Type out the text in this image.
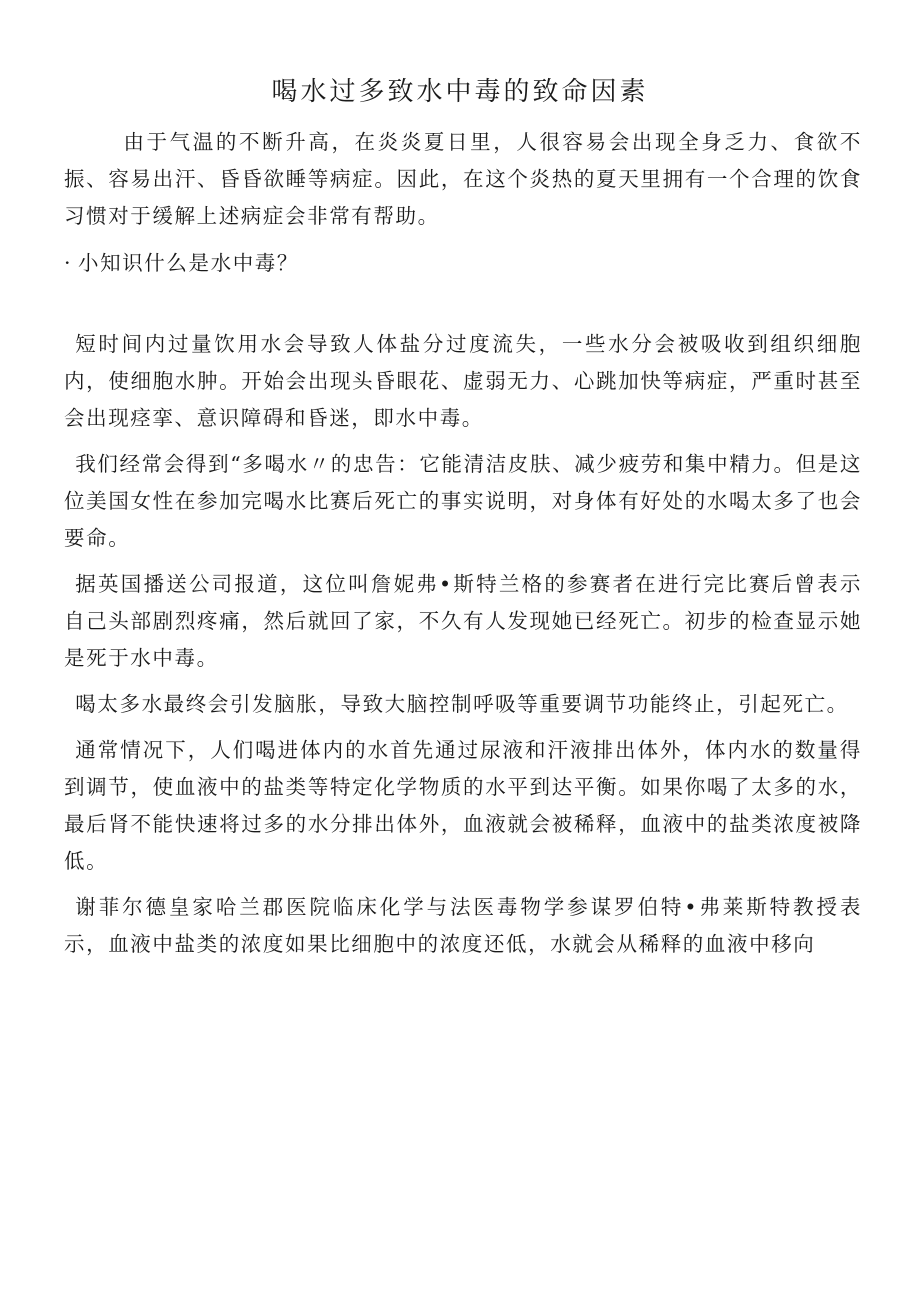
喝水过多致水中毒的致命因素

由于气温的不断升高，在炎炎夏日里，人很容易会出现全身乏力、食欲不振、容易出汗、昏昏欲睡等病症。因此，在这个炎热的夏天里拥有一个合理的饮食习惯对于缓解上述病症会非常有帮助。

· 小知识什么是水中毒？

短时间内过量饮用水会导致人体盐分过度流失，一些水分会被吸收到组织细胞内，使细胞水肿。开始会出现头昏眼花、虚弱无力、心跳加快等病症，严重时甚至会出现痉挛、意识障碍和昏迷，即水中毒。

我们经常会得到“多喝水〃的忠告：它能清洁皮肤、减少疲劳和集中精力。但是这位美国女性在参加完喝水比赛后死亡的事实说明，对身体有好处的水喝太多了也会要命。

据英国播送公司报道，这位叫詹妮弗•斯特兰格的参赛者在进行完比赛后曾表示自己头部剧烈疼痛，然后就回了家，不久有人发现她已经死亡。初步的检查显示她是死于水中毒。

喝太多水最终会引发脑胀，导致大脑控制呼吸等重要调节功能终止，引起死亡。

通常情况下，人们喝进体内的水首先通过尿液和汗液排出体外，体内水的数量得到调节，使血液中的盐类等特定化学物质的水平到达平衡。如果你喝了太多的水，最后肾不能快速将过多的水分排出体外，血液就会被稀释，血液中的盐类浓度被降低。

谢菲尔德皇家哈兰郡医院临床化学与法医毒物学参谋罗伯特•弗莱斯特教授表示，血液中盐类的浓度如果比细胞中的浓度还低，水就会从稀释的血液中移向
